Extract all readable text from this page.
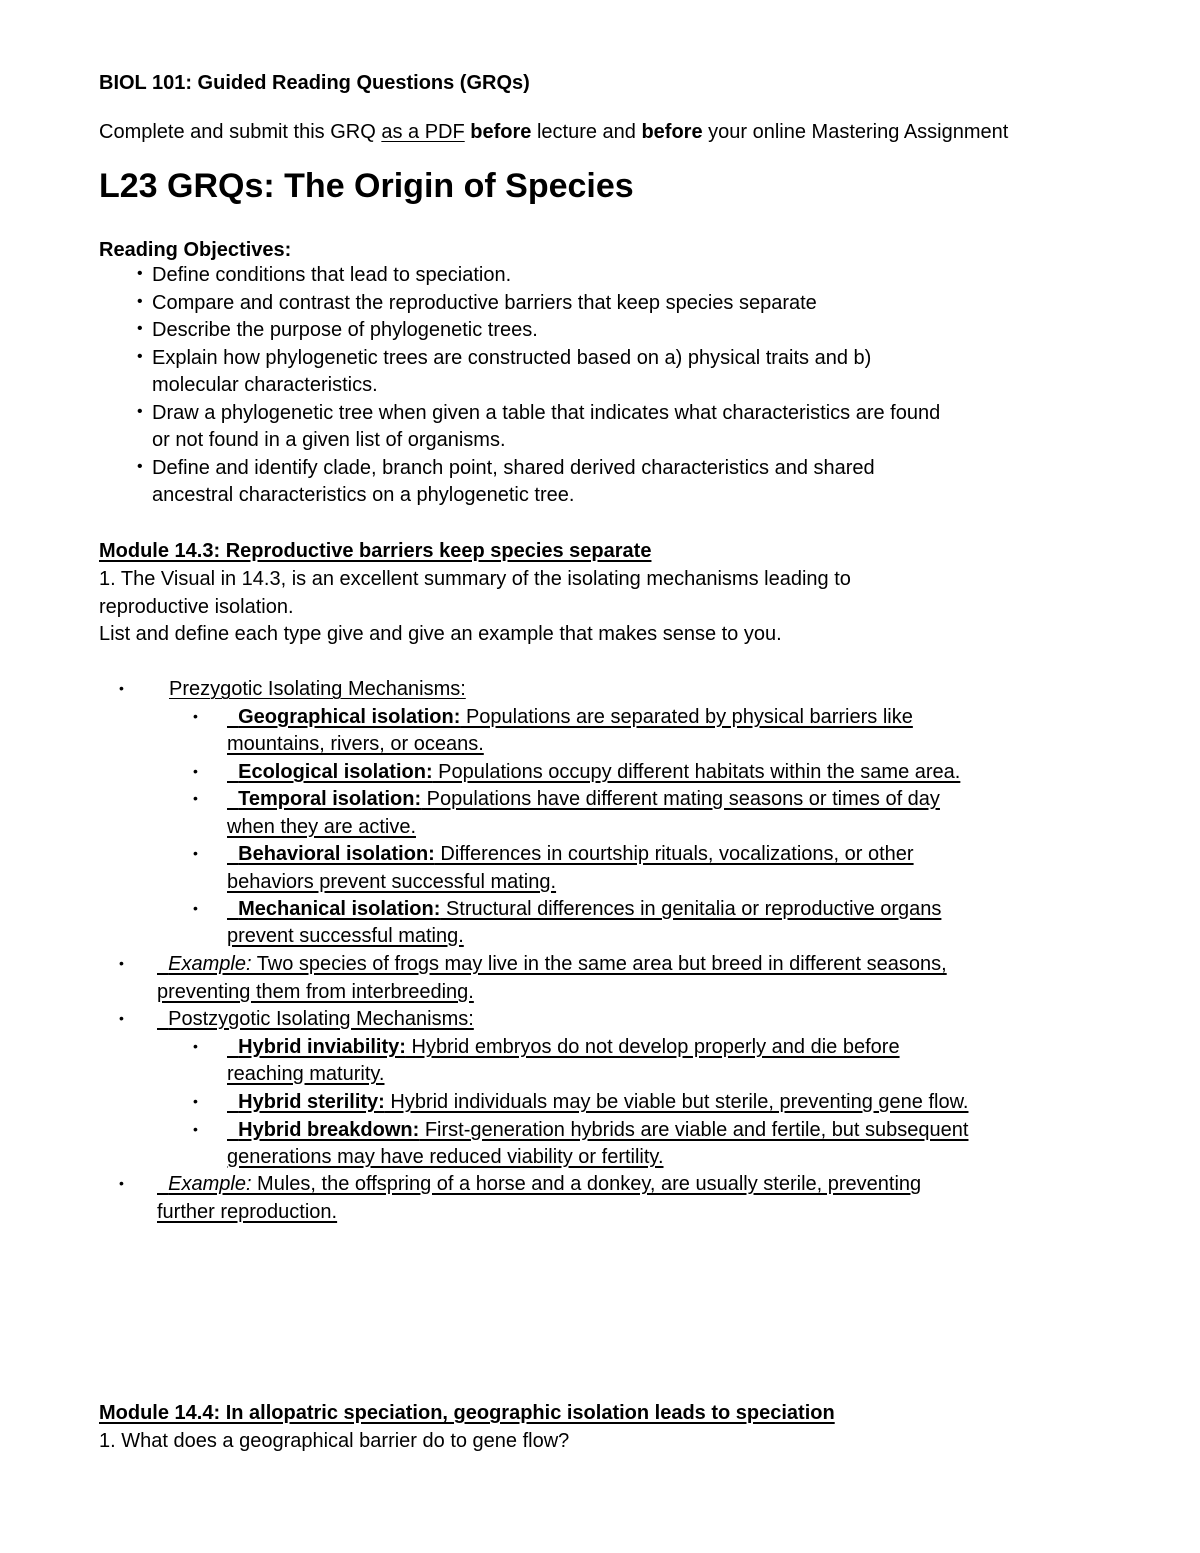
BIOL 101: Guided Reading Questions (GRQs)
Complete and submit this GRQ as a PDF before lecture and before your online Mastering Assignment
L23 GRQs: The Origin of Species
Reading Objectives:
• Define conditions that lead to speciation.
• Compare and contrast the reproductive barriers that keep species separate
• Describe the purpose of phylogenetic trees.
• Explain how phylogenetic trees are constructed based on a) physical traits and b)
molecular characteristics.
• Draw a phylogenetic tree when given a table that indicates what characteristics are found
or not found in a given list of organisms.
• Define and identify clade, branch point, shared derived characteristics and shared
ancestral characteristics on a phylogenetic tree.
Module 14.3: Reproductive barriers keep species separate
1. The Visual in 14.3, is an excellent summary of the isolating mechanisms leading to
reproductive isolation.
List and define each type give and give an example that makes sense to you.
• Prezygotic Isolating Mechanisms:
•	Geographical isolation: Populations are separated by physical barriers like
mountains, rivers, or oceans.
•	Ecological isolation: Populations occupy different habitats within the same area.
•	Temporal isolation: Populations have different mating seasons or times of day
when they are active.
•	Behavioral isolation: Differences in courtship rituals, vocalizations, or other
behaviors prevent successful mating.
•	Mechanical isolation: Structural differences in genitalia or reproductive organs
prevent successful mating.
•	Example: Two species of frogs may live in the same area but breed in different seasons,
preventing them from interbreeding.
•	Postzygotic Isolating Mechanisms:
•	Hybrid inviability: Hybrid embryos do not develop properly and die before
reaching maturity.
•	Hybrid sterility: Hybrid individuals may be viable but sterile, preventing gene flow.
•	Hybrid breakdown: First-generation hybrids are viable and fertile, but subsequent
generations may have reduced viability or fertility.
•	Example: Mules, the offspring of a horse and a donkey, are usually sterile, preventing
further reproduction.
Module 14.4: In allopatric speciation, geographic isolation leads to speciation
1. What does a geographical barrier do to gene flow?
